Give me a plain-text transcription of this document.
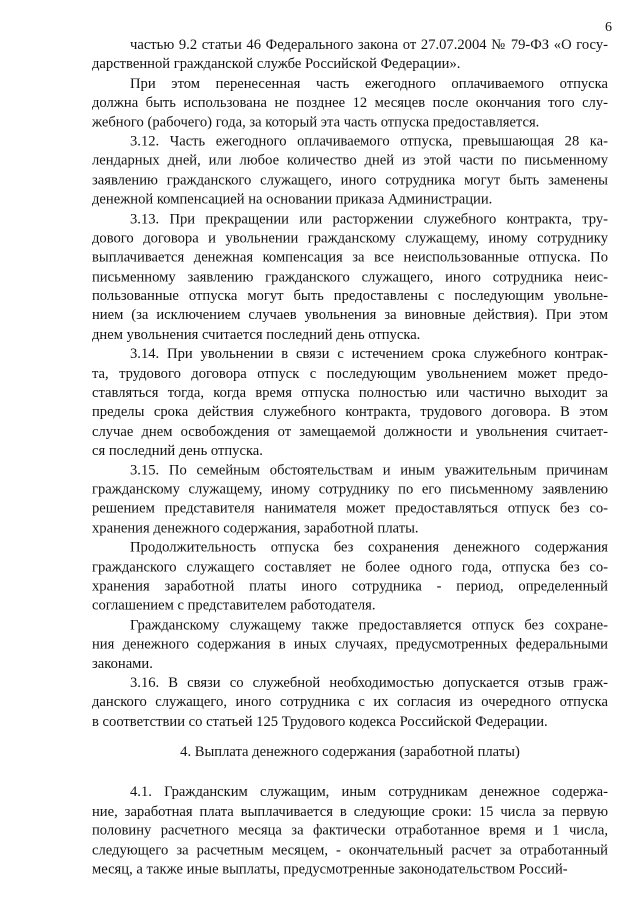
6
частью 9.2 статьи 46 Федерального закона от 27.07.2004 № 79-ФЗ «О госу-
дарственной гражданской службе Российской Федерации».
При этом перенесенная часть ежегодного оплачиваемого отпуска
должна быть использована не позднее 12 месяцев после окончания того слу-
жебного (рабочего) года, за который эта часть отпуска предоставляется.
3.12. Часть ежегодного оплачиваемого отпуска, превышающая 28 ка-
лендарных дней, или любое количество дней из этой части по письменному
заявлению гражданского служащего, иного сотрудника могут быть заменены
денежной компенсацией на основании приказа Администрации.
3.13. При прекращении или расторжении служебного контракта, тру-
дового договора и увольнении гражданскому служащему, иному сотруднику
выплачивается денежная компенсация за все неиспользованные отпуска. По
письменному заявлению гражданского служащего, иного сотрудника неис-
пользованные отпуска могут быть предоставлены с последующим увольне-
нием (за исключением случаев увольнения за виновные действия). При этом
днем увольнения считается последний день отпуска.
3.14. При увольнении в связи с истечением срока служебного контрак-
та, трудового договора отпуск с последующим увольнением может предо-
ставляться тогда, когда время отпуска полностью или частично выходит за
пределы срока действия служебного контракта, трудового договора. В этом
случае днем освобождения от замещаемой должности и увольнения считает-
ся последний день отпуска.
3.15. По семейным обстоятельствам и иным уважительным причинам
гражданскому служащему, иному сотруднику по его письменному заявлению
решением представителя нанимателя может предоставляться отпуск без со-
хранения денежного содержания, заработной платы.
Продолжительность отпуска без сохранения денежного содержания
гражданского служащего составляет не более одного года, отпуска без со-
хранения заработной платы иного сотрудника - период, определенный
соглашением с представителем работодателя.
Гражданскому служащему также предоставляется отпуск без сохране-
ния денежного содержания в иных случаях, предусмотренных федеральными
законами.
3.16. В связи со служебной необходимостью допускается отзыв граж-
данского служащего, иного сотрудника с их согласия из очередного отпуска
в соответствии со статьей 125 Трудового кодекса Российской Федерации.
4. Выплата денежного содержания (заработной платы)
4.1. Гражданским служащим, иным сотрудникам денежное содержа-
ние, заработная плата выплачивается в следующие сроки: 15 числа за первую
половину расчетного месяца за фактически отработанное время и 1 числа,
следующего за расчетным месяцем, - окончательный расчет за отработанный
месяц, а также иные выплаты, предусмотренные законодательством Россий-
